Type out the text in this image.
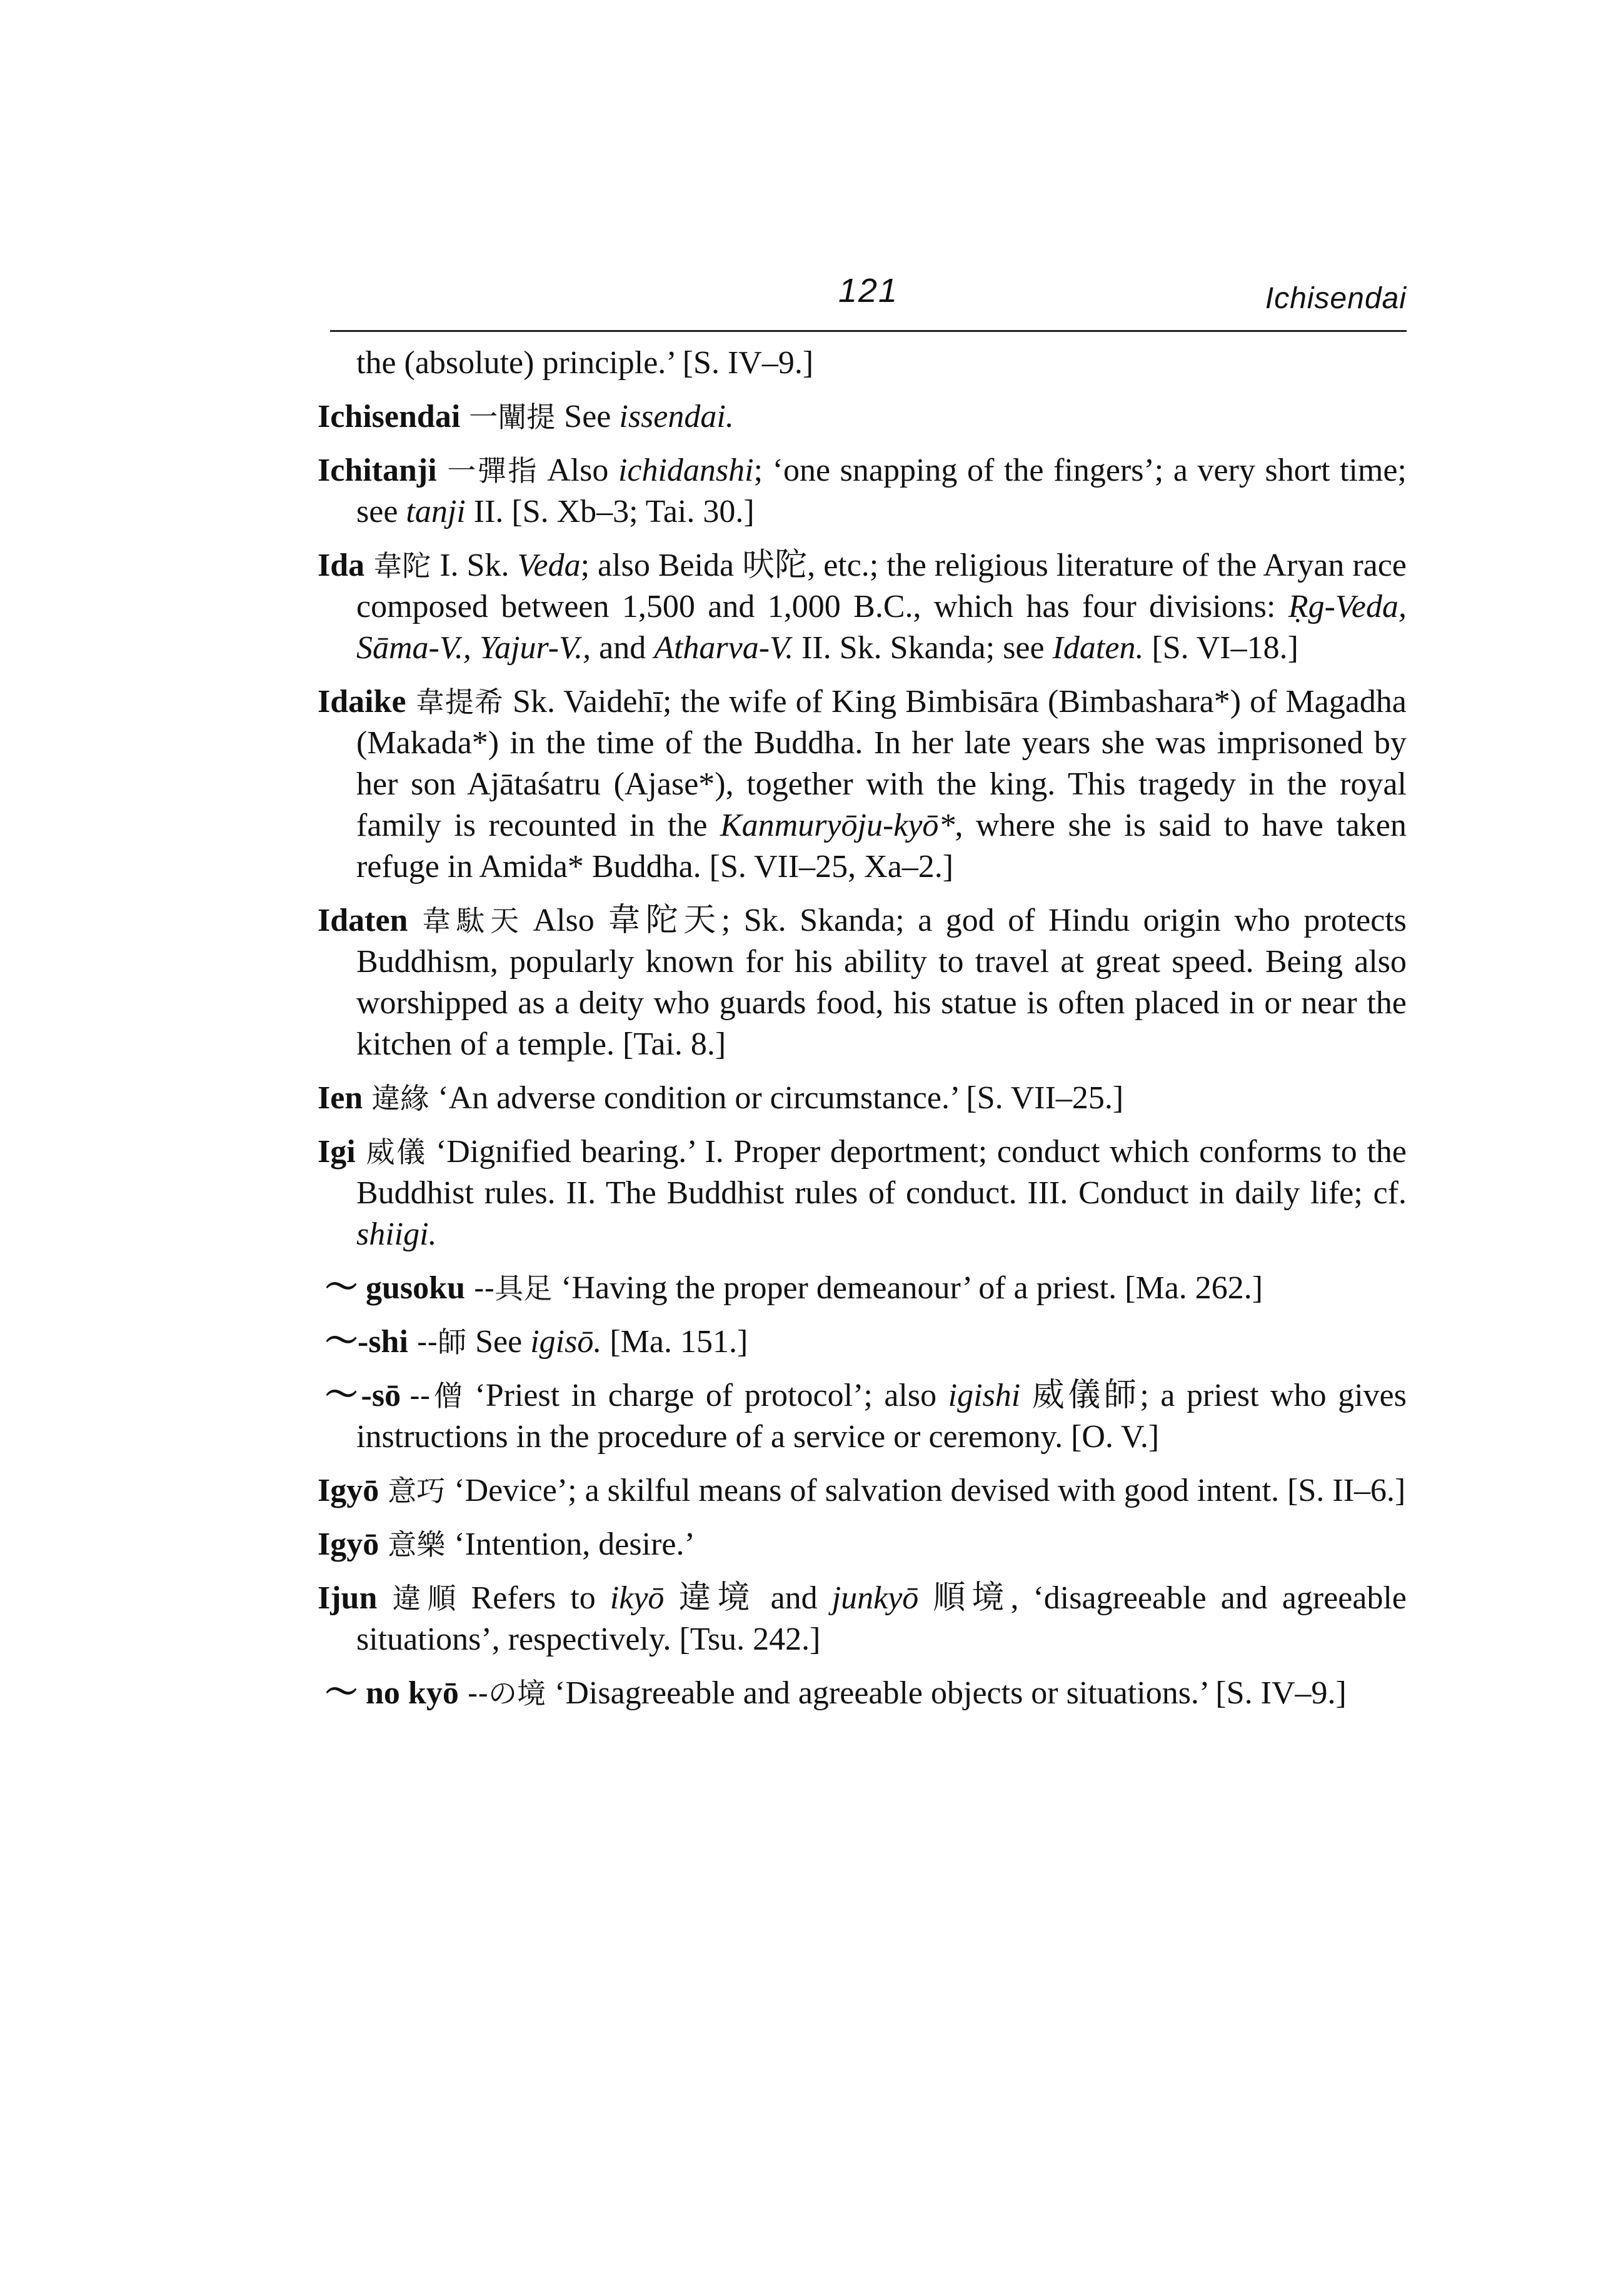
121	Ichisendai

the (absolute) principle.’ [S. IV–9.]

Ichisendai 一闡提 See issendai.

Ichitanji 一彈指 Also ichidanshi; ‘one snapping of the fingers’; a very short time; see tanji II. [S. Xb–3; Tai. 30.]

Ida 韋陀 I. Sk. Veda; also Beida 吠陀, etc.; the religious literature of the Aryan race composed between 1,500 and 1,000 B.C., which has four divisions: Ṛg-Veda, Sāma-V., Yajur-V., and Atharva-V. II. Sk. Skanda; see Idaten. [S. VI–18.]

Idaike 韋提希 Sk. Vaidehī; the wife of King Bimbisāra (Bimbashara*) of Magadha (Makada*) in the time of the Buddha. In her late years she was imprisoned by her son Ajātaśatru (Ajase*), together with the king. This tragedy in the royal family is recounted in the Kanmuryōju-kyō*, where she is said to have taken refuge in Amida* Buddha. [S. VII–25, Xa–2.]

Idaten 韋駄天 Also 韋陀天; Sk. Skanda; a god of Hindu origin who protects Buddhism, popularly known for his ability to travel at great speed. Being also worshipped as a deity who guards food, his statue is often placed in or near the kitchen of a temple. [Tai. 8.]

Ien 違緣 ‘An adverse condition or circumstance.’ [S. VII–25.]

Igi 威儀 ‘Dignified bearing.’ I. Proper deportment; conduct which conforms to the Buddhist rules. II. The Buddhist rules of conduct. III. Conduct in daily life; cf. shiigi.

〜 gusoku --具足 ‘Having the proper demeanour’ of a priest. [Ma. 262.]

〜-shi --師 See igisō. [Ma. 151.]

〜-sō --僧 ‘Priest in charge of protocol’; also igishi 威儀師; a priest who gives instructions in the procedure of a service or ceremony. [O. V.]

Igyō 意巧 ‘Device’; a skilful means of salvation devised with good intent. [S. II–6.]

Igyō 意樂 ‘Intention, desire.’

Ijun 違順 Refers to ikyō 違境 and junkyō 順境, ‘disagreeable and agreeable situations’, respectively. [Tsu. 242.]

〜 no kyō --の境 ‘Disagreeable and agreeable objects or situations.’ [S. IV–9.]
